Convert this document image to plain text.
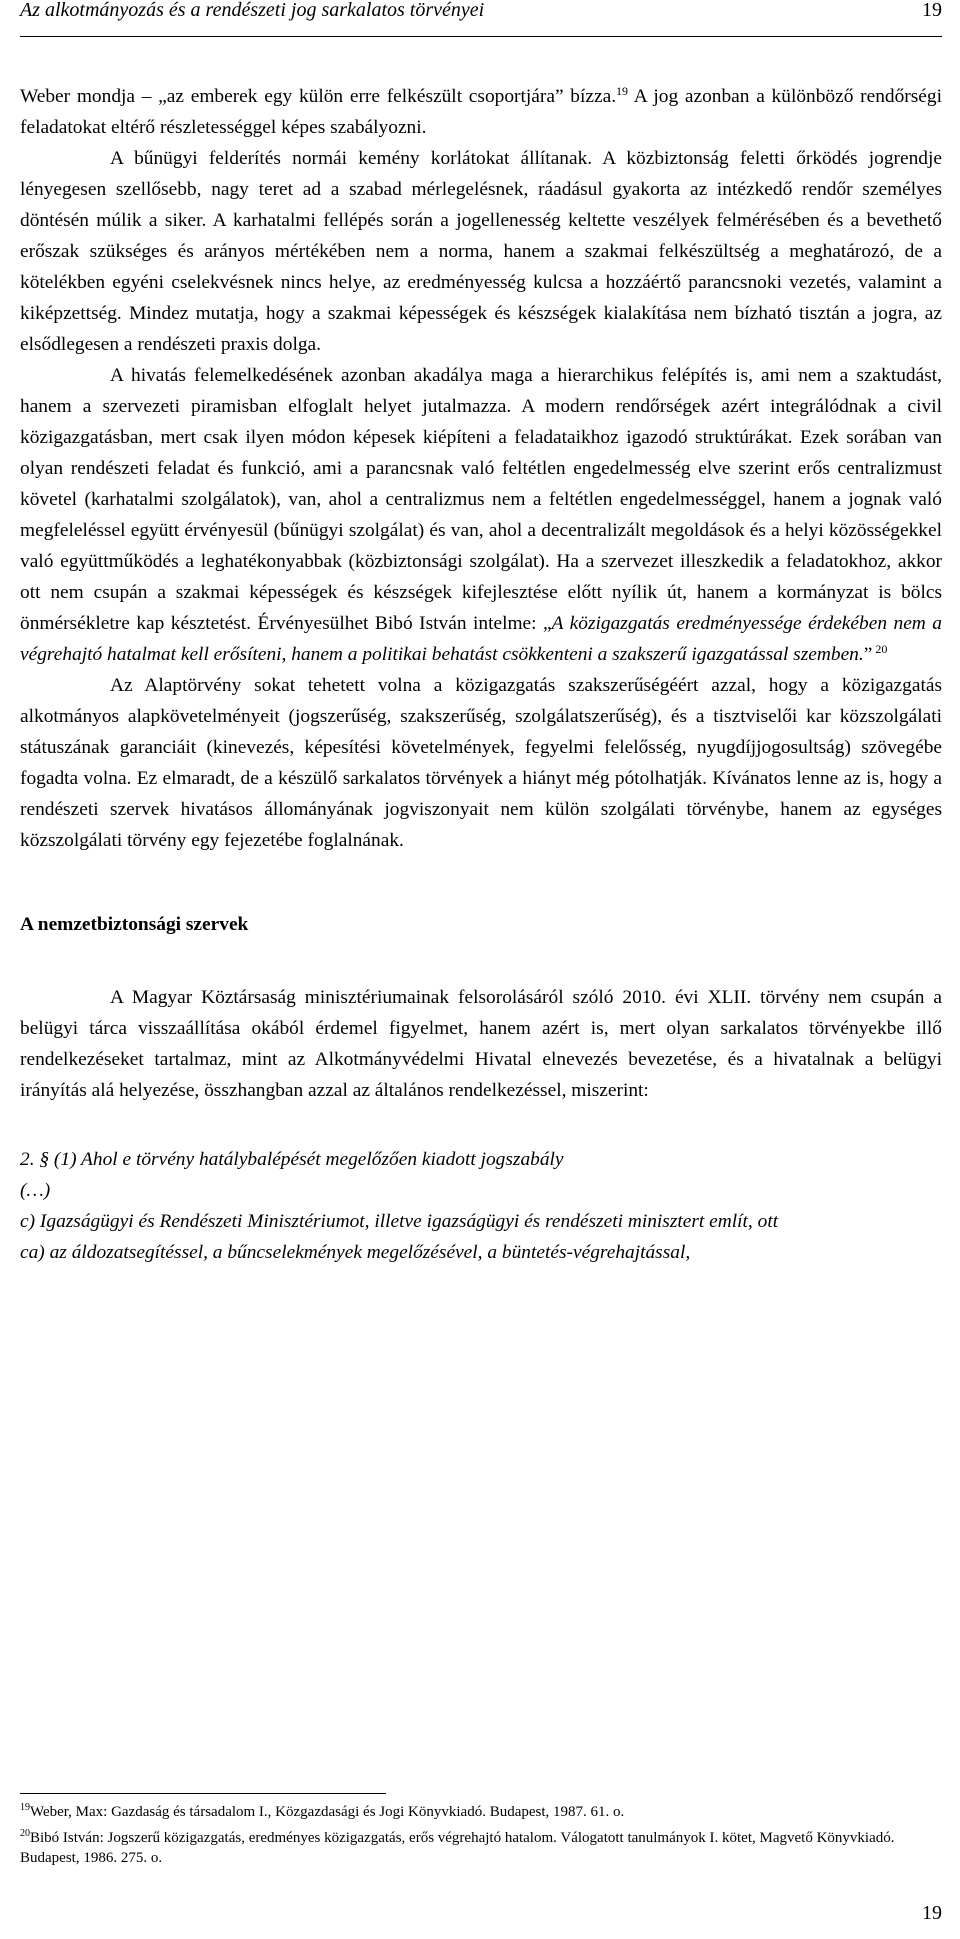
Az alkotmányozás és a rendészeti jog sarkalatos törvényei	19

Weber mondja – „az emberek egy külön erre felkészült csoportjára” bízza.$^{19}$ A jog azonban a különböző rendőrségi feladatokat eltérő részletességgel képes szabályozni.

A bűnügyi felderítés normái kemény korlátokat állítanak. A közbiztonság feletti őrködés jogrendje lényegesen szellősebb, nagy teret ad a szabad mérlegelésnek, ráadásul gyakorta az intézkedő rendőr személyes döntésén múlik a siker. A karhatalmi fellépés során a jogellenesség keltette veszélyek felmérésében és a bevethető erőszak szükséges és arányos mértékében nem a norma, hanem a szakmai felkészültség a meghatározó, de a kötelékben egyéni cselekvésnek nincs helye, az eredményesség kulcsa a hozzáértő parancsnoki vezetés, valamint a kiképzettség. Mindez mutatja, hogy a szakmai képességek és készségek kialakítása nem bízható tisztán a jogra, az elsődlegesen a rendészeti praxis dolga.

A hivatás felemelkedésének azonban akadálya maga a hierarchikus felépítés is, ami nem a szaktudást, hanem a szervezeti piramisban elfoglalt helyet jutalmazza. A modern rendőrségek azért integrálódnak a civil közigazgatásban, mert csak ilyen módon képesek kiépíteni a feladataikhoz igazodó struktúrákat. Ezek sorában van olyan rendészeti feladat és funkció, ami a parancsnak való feltétlen engedelmesség elve szerint erős centralizmust követel (karhatalmi szolgálatok), van, ahol a centralizmus nem a feltétlen engedelmességgel, hanem a jognak való megfeleléssel együtt érvényesül (bűnügyi szolgálat) és van, ahol a decentralizált megoldások és a helyi közösségekkel való együttműködés a leghatékonyabbak (közbiztonsági szolgálat). Ha a szervezet illeszkedik a feladatokhoz, akkor ott nem csupán a szakmai képességek és készségek kifejlesztése előtt nyílik út, hanem a kormányzat is bölcs önmérsékletre kap késztetést. Érvényesülhet Bibó István intelme: „A közigazgatás eredményessége érdekében nem a végrehajtó hatalmat kell erősíteni, hanem a politikai behatást csökkenteni a szakszerű igazgatással szemben.” $^{20}$

Az Alaptörvény sokat tehetett volna a közigazgatás szakszerűségéért azzal, hogy a közigazgatás alkotmányos alapkövetelményeit (jogszerűség, szakszerűség, szolgálatszerűség), és a tisztviselői kar közszolgálati státuszának garanciáit (kinevezés, képesítési követelmények, fegyelmi felelősség, nyugdíjjogosultság) szövegébe fogadta volna. Ez elmaradt, de a készülő sarkalatos törvények a hiányt még pótolhatják. Kívánatos lenne az is, hogy a rendészeti szervek hivatásos állományának jogviszonyait nem külön szolgálati törvénybe, hanem az egységes közszolgálati törvény egy fejezetébe foglalnának.

A nemzetbiztonsági szervek

A Magyar Köztársaság minisztériumainak felsorolásáról szóló 2010. évi XLII. törvény nem csupán a belügyi tárca visszaállítása okából érdemel figyelmet, hanem azért is, mert olyan sarkalatos törvényekbe illő rendelkezéseket tartalmaz, mint az Alkotmányvédelmi Hivatal elnevezés bevezetése, és a hivatalnak a belügyi irányítás alá helyezése, összhangban azzal az általános rendelkezéssel, miszerint:

2. § (1) Ahol e törvény hatálybalépését megelőzően kiadott jogszabály

(…)

c) Igazságügyi és Rendészeti Minisztériumot, illetve igazságügyi és rendészeti minisztert említ, ott

ca) az áldozatsegítéssel, a bűncselekmények megelőzésével, a büntetés-végrehajtással,

$^{19}$Weber, Max: Gazdaság és társadalom I., Közgazdasági és Jogi Könyvkiadó. Budapest, 1987. 61. o.

$^{20}$Bibó István: Jogszerű közigazgatás, eredményes közigazgatás, erős végrehajtó hatalom. Válogatott tanulmányok I. kötet, Magvető Könyvkiadó. Budapest, 1986. 275. o.

19
